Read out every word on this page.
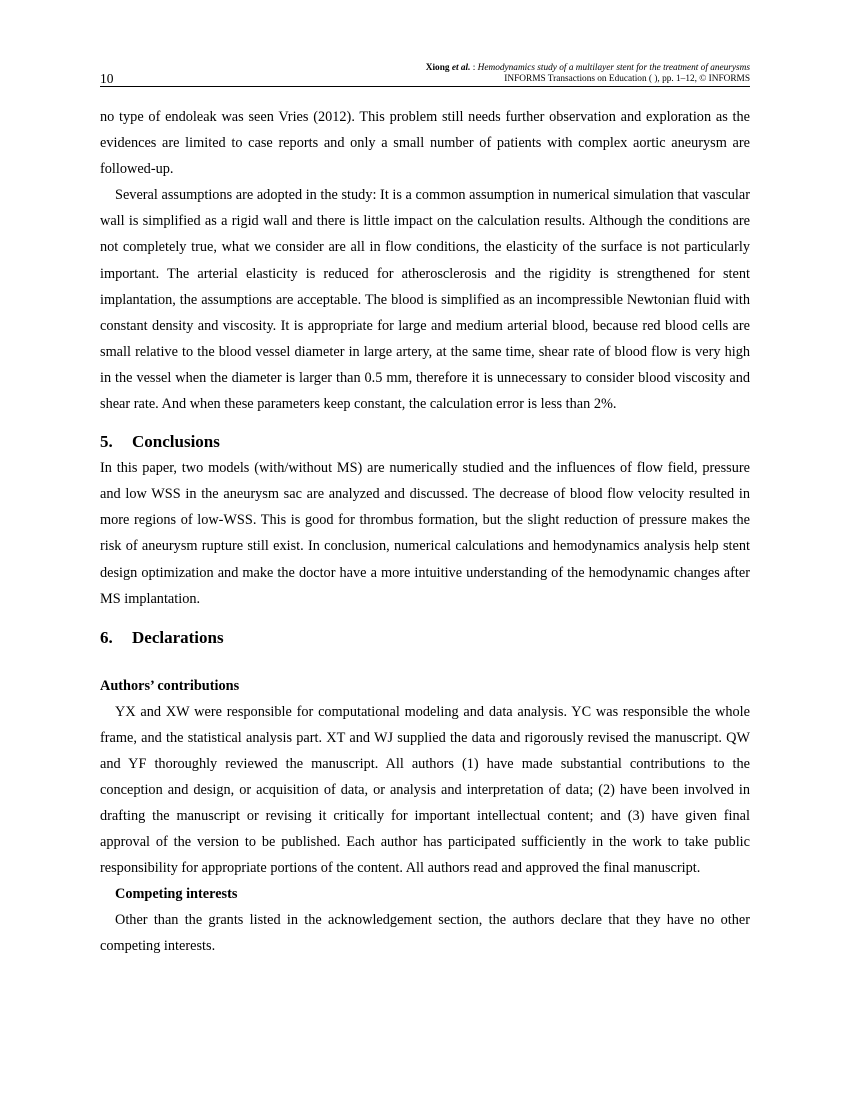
10
Xiong et al. : Hemodynamics study of a multilayer stent for the treatment of aneurysms
INFORMS Transactions on Education ( ), pp. 1–12, © INFORMS

no type of endoleak was seen Vries (2012). This problem still needs further observation and exploration as the evidences are limited to case reports and only a small number of patients with complex aortic aneurysm are followed-up.

Several assumptions are adopted in the study: It is a common assumption in numerical simulation that vascular wall is simplified as a rigid wall and there is little impact on the calculation results. Although the conditions are not completely true, what we consider are all in flow conditions, the elasticity of the surface is not particularly important. The arterial elasticity is reduced for atherosclerosis and the rigidity is strengthened for stent implantation, the assumptions are acceptable. The blood is simplified as an incompressible Newtonian fluid with constant density and viscosity. It is appropriate for large and medium arterial blood, because red blood cells are small relative to the blood vessel diameter in large artery, at the same time, shear rate of blood flow is very high in the vessel when the diameter is larger than 0.5 mm, therefore it is unnecessary to consider blood viscosity and shear rate. And when these parameters keep constant, the calculation error is less than 2%.

5. Conclusions

In this paper, two models (with/without MS) are numerically studied and the influences of flow field, pressure and low WSS in the aneurysm sac are analyzed and discussed. The decrease of blood flow velocity resulted in more regions of low-WSS. This is good for thrombus formation, but the slight reduction of pressure makes the risk of aneurysm rupture still exist. In conclusion, numerical calculations and hemodynamics analysis help stent design optimization and make the doctor have a more intuitive understanding of the hemodynamic changes after MS implantation.

6. Declarations
Authors’ contributions

YX and XW were responsible for computational modeling and data analysis. YC was responsible the whole frame, and the statistical analysis part. XT and WJ supplied the data and rigorously revised the manuscript. QW and YF thoroughly reviewed the manuscript. All authors (1) have made substantial contributions to the conception and design, or acquisition of data, or analysis and interpretation of data; (2) have been involved in drafting the manuscript or revising it critically for important intellectual content; and (3) have given final approval of the version to be published. Each author has participated sufficiently in the work to take public responsibility for appropriate portions of the content. All authors read and approved the final manuscript.

Competing interests

Other than the grants listed in the acknowledgement section, the authors declare that they have no other competing interests.
